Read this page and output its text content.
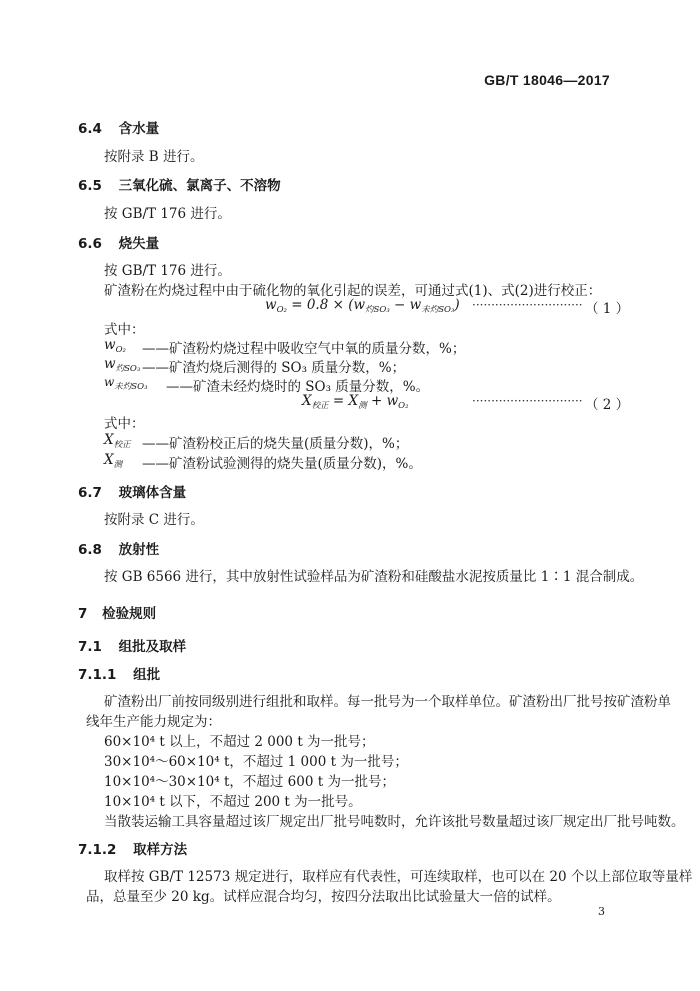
GB/T 18046—2017
6.4 含水量
按附录 B 进行。
6.5 三氧化硫、氯离子、不溶物
按 GB/T 176 进行。
6.6 烧失量
按 GB/T 176 进行。
矿渣粉在灼烧过程中由于硫化物的氧化引起的误差，可通过式(1)、式(2)进行校正：
$w_{O_2} = 0.8 \times (w_{灼SO_3} - w_{未灼SO_3})$ ····························· （ 1 ）
式中：
$w_{O_2}$	——矿渣粉灼烧过程中吸收空气中氧的质量分数，%；
$w_{灼SO_3}$ ——矿渣灼烧后测得的 SO₃ 质量分数，%；
$w_{未灼SO_3}$ ——矿渣未经灼烧时的 SO₃ 质量分数，%。
$X_{校正} = X_测 + w_{O_2}$	····························· （ 2 ）
式中：
$X_{校正}$ ——矿渣粉校正后的烧失量(质量分数)，%；
$X_测$ ——矿渣粉试验测得的烧失量(质量分数)，%。
6.7 玻璃体含量
按附录 C 进行。
6.8 放射性
按 GB 6566 进行，其中放射性试验样品为矿渣粉和硅酸盐水泥按质量比 1∶1 混合制成。
7 检验规则
7.1 组批及取样
7.1.1 组批
矿渣粉出厂前按同级别进行组批和取样。每一批号为一个取样单位。矿渣粉出厂批号按矿渣粉单
线年生产能力规定为：
60×10⁴ t 以上，不超过 2 000 t 为一批号；
30×10⁴～60×10⁴ t，不超过 1 000 t 为一批号；
10×10⁴～30×10⁴ t，不超过 600 t 为一批号；
10×10⁴ t 以下，不超过 200 t 为一批号。
当散装运输工具容量超过该厂规定出厂批号吨数时，允许该批号数量超过该厂规定出厂批号吨数。
7.1.2 取样方法
取样按 GB/T 12573 规定进行，取样应有代表性，可连续取样，也可以在 20 个以上部位取等量样
品，总量至少 20 kg。试样应混合均匀，按四分法取出比试验量大一倍的试样。
3
